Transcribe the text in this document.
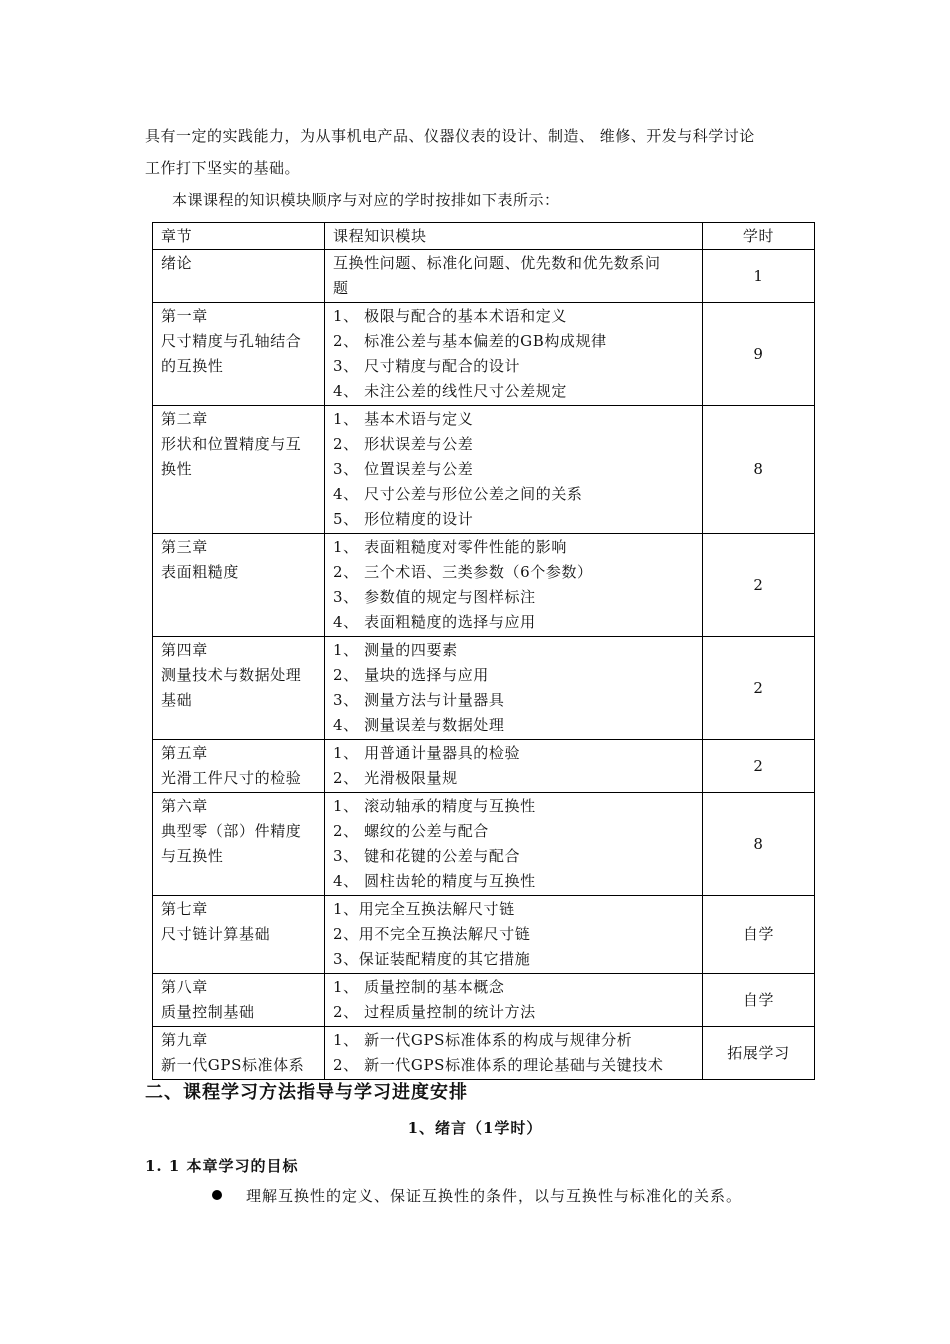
具有一定的实践能力，为从事机电产品、仪器仪表的设计、制造、 维修、开发与科学讨论
工作打下坚实的基础。
本课课程的知识模块顺序与对应的学时按排如下表所示：
章节	课程知识模块	学时

绪论	互换性问题、标准化问题、优先数和优先数系问
题	1

第一章
尺寸精度与孔轴结合
的互换性	1、 极限与配合的基本术语和定义
2、 标准公差与基本偏差的GB构成规律
3、 尺寸精度与配合的设计
4、 未注公差的线性尺寸公差规定	9

第二章
形状和位置精度与互
换性	1、 基本术语与定义
2、 形状误差与公差
3、 位置误差与公差
4、 尺寸公差与形位公差之间的关系
5、 形位精度的设计	8

第三章
表面粗糙度	1、 表面粗糙度对零件性能的影响
2、 三个术语、三类参数（6个参数）
3、 参数值的规定与图样标注
4、 表面粗糙度的选择与应用	2

第四章
测量技术与数据处理
基础	1、 测量的四要素
2、 量块的选择与应用
3、 测量方法与计量器具
4、 测量误差与数据处理	2

第五章
光滑工件尺寸的检验	1、 用普通计量器具的检验
2、 光滑极限量规	2

第六章
典型零（部）件精度
与互换性	1、 滚动轴承的精度与互换性
2、 螺纹的公差与配合
3、 键和花键的公差与配合
4、 圆柱齿轮的精度与互换性	8

第七章
尺寸链计算基础	1、用完全互换法解尺寸链
2、用不完全互换法解尺寸链
3、保证装配精度的其它措施	自学

第八章
质量控制基础	1、 质量控制的基本概念
2、 过程质量控制的统计方法	自学

第九章
新一代GPS标准体系	1、 新一代GPS标准体系的构成与规律分析
2、 新一代GPS标准体系的理论基础与关键技术	拓展学习
二、课程学习方法指导与学习进度安排
1、绪言（1学时）
1. 1 本章学习的目标
理解互换性的定义、保证互换性的条件，以与互换性与标准化的关系。
